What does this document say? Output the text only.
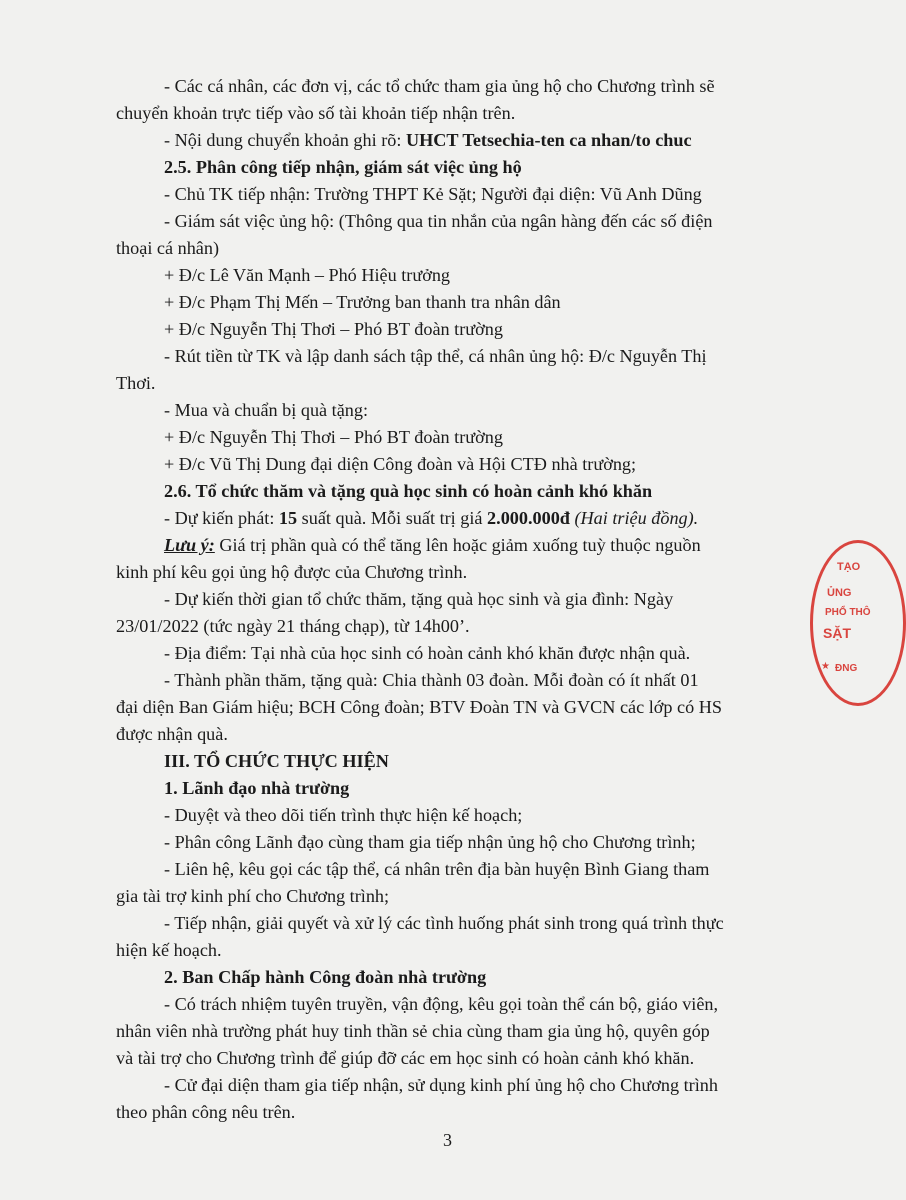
- Các cá nhân, các đơn vị, các tổ chức tham gia ủng hộ cho Chương trình sẽ
chuyển khoản trực tiếp vào số tài khoản tiếp nhận trên.
- Nội dung chuyển khoản ghi rõ: UHCT Tetsechia-ten ca nhan/to chuc
2.5. Phân công tiếp nhận, giám sát việc ủng hộ
- Chủ TK tiếp nhận: Trường THPT Kẻ Sặt; Người đại diện: Vũ Anh Dũng
- Giám sát việc ủng hộ: (Thông qua tin nhắn của ngân hàng đến các số điện
thoại cá nhân)
+ Đ/c Lê Văn Mạnh – Phó Hiệu trưởng
+ Đ/c Phạm Thị Mến – Trưởng ban thanh tra nhân dân
+ Đ/c Nguyễn Thị Thơi – Phó BT đoàn trường
- Rút tiền từ TK và lập danh sách tập thể, cá nhân ủng hộ: Đ/c Nguyễn Thị
Thơi.
- Mua và chuẩn bị quà tặng:
+ Đ/c Nguyễn Thị Thơi – Phó BT đoàn trường
+ Đ/c Vũ Thị Dung đại diện Công đoàn và Hội CTĐ nhà trường;
2.6. Tổ chức thăm và tặng quà học sinh có hoàn cảnh khó khăn
- Dự kiến phát: 15 suất quà. Mỗi suất trị giá 2.000.000đ (Hai triệu đồng).
Lưu ý: Giá trị phần quà có thể tăng lên hoặc giảm xuống tuỳ thuộc nguồn
kinh phí kêu gọi ủng hộ được của Chương trình.
- Dự kiến thời gian tổ chức thăm, tặng quà học sinh và gia đình: Ngày
23/01/2022 (tức ngày 21 tháng chạp), từ 14h00’.
- Địa điểm: Tại nhà của học sinh có hoàn cảnh khó khăn được nhận quà.
- Thành phần thăm, tặng quà: Chia thành 03 đoàn. Mỗi đoàn có ít nhất 01
đại diện Ban Giám hiệu; BCH Công đoàn; BTV Đoàn TN và GVCN các lớp có HS
được nhận quà.
III. TỔ CHỨC THỰC HIỆN
1. Lãnh đạo nhà trường
- Duyệt và theo dõi tiến trình thực hiện kế hoạch;
- Phân công Lãnh đạo cùng tham gia tiếp nhận ủng hộ cho Chương trình;
- Liên hệ, kêu gọi các tập thể, cá nhân trên địa bàn huyện Bình Giang tham
gia tài trợ kinh phí cho Chương trình;
- Tiếp nhận, giải quyết và xử lý các tình huống phát sinh trong quá trình thực
hiện kế hoạch.
2. Ban Chấp hành Công đoàn nhà trường
- Có trách nhiệm tuyên truyền, vận động, kêu gọi toàn thể cán bộ, giáo viên,
nhân viên nhà trường phát huy tinh thần sẻ chia cùng tham gia ủng hộ, quyên góp
và tài trợ cho Chương trình để giúp đỡ các em học sinh có hoàn cảnh khó khăn.
- Cử đại diện tham gia tiếp nhận, sử dụng kinh phí ủng hộ cho Chương trình
theo phân công nêu trên.
3
TẠO
ỦNG
PHỔ THÔ
SẶT
★ ĐNG
